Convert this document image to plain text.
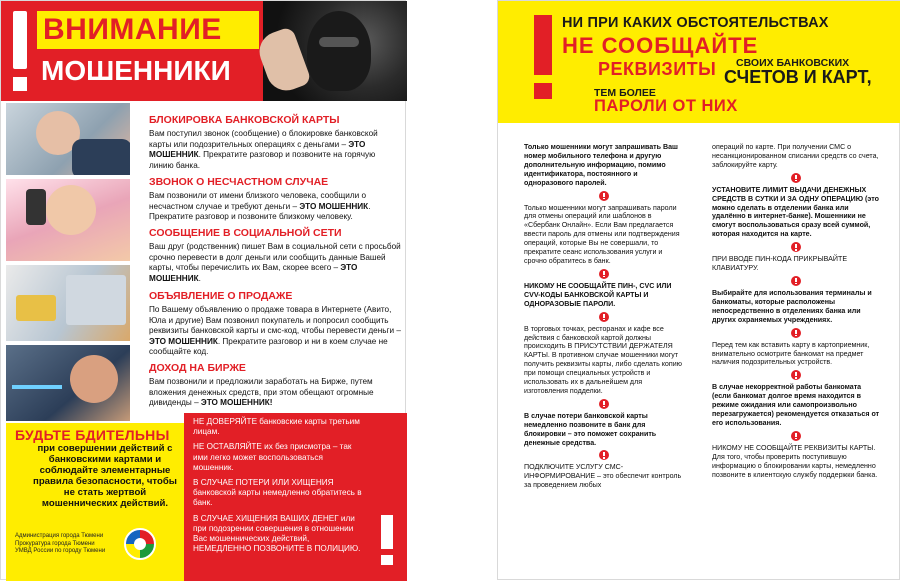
ВНИМАНИЕ
МОШЕННИКИ
БЛОКИРОВКА БАНКОВСКОЙ КАРТЫ
Вам поступил звонок (сообщение) о блокировке банковской карты или подозрительных операциях с деньгами – ЭТО МОШЕННИК. Прекратите разговор и позвоните на горячую линию банка.
ЗВОНОК О НЕСЧАСТНОМ СЛУЧАЕ
Вам позвонили от имени близкого человека, сообщили о несчастном случае и требуют деньги – ЭТО МОШЕННИК. Прекратите разговор и позвоните близкому человеку.
СООБЩЕНИЕ В СОЦИАЛЬНОЙ СЕТИ
Ваш друг (родственник) пишет Вам в социальной сети с просьбой срочно перевести в долг деньги или сообщить данные Вашей карты, чтобы перечислить их Вам, скорее всего – ЭТО МОШЕННИК.
ОБЪЯВЛЕНИЕ О ПРОДАЖЕ
По Вашему объявлению о продаже товара в Интернете (Авито, Юла и другие) Вам позвонил покупатель и попросил сообщить реквизиты банковской карты и смс-код, чтобы перевести деньги – ЭТО МОШЕННИК. Прекратите разговор и ни в коем случае не сообщайте код.
ДОХОД НА БИРЖЕ
Вам позвонили и предложили заработать на Бирже, путем вложения денежных средств, при этом обещают огромные дивиденды – ЭТО МОШЕННИК!
БУДЬТЕ БДИТЕЛЬНЫ
при совершении действий с банковскими картами и соблюдайте элементарные правила безопасности, чтобы не стать жертвой мошеннических действий.
Администрация города Тюмени
Прокуратура города Тюмени
УМВД России по городу Тюмени

НЕ ДОВЕРЯЙТЕ банковские карты третьим лицам.

НЕ ОСТАВЛЯЙТЕ их без присмотра – так ими легко может воспользоваться мошенник.

В СЛУЧАЕ ПОТЕРИ ИЛИ ХИЩЕНИЯ банковской карты немедленно обратитесь в банк.

В СЛУЧАЕ ХИЩЕНИЯ ВАШИХ ДЕНЕГ или при подозрении совершения в отношении Вас мошеннических действий, НЕМЕДЛЕННО ПОЗВОНИТЕ В ПОЛИЦИЮ.

НИ ПРИ КАКИХ ОБСТОЯТЕЛЬСТВАХ
НЕ СООБЩАЙТЕ
РЕКВИЗИТЫ СВОИХ БАНКОВСКИХ
СЧЕТОВ И КАРТ,
ТЕМ БОЛЕЕ
ПАРОЛИ ОТ НИХ
Только мошенники могут запрашивать Ваш номер мобильного телефона и другую дополнительную информацию, помимо идентификатора, постоянного и одноразового паролей.
Только мошенники могут запрашивать пароли для отмены операций или шаблонов в «Сбербанк Онлайн». Если Вам предлагается ввести пароль для отмены или подтверждения операций, которые Вы не совершали, то прекратите сеанс использования услуги и срочно обратитесь в банк.
НИКОМУ НЕ СООБЩАЙТЕ ПИН-, CVC ИЛИ CVV-КОДЫ БАНКОВСКОЙ КАРТЫ И ОДНОРАЗОВЫЕ ПАРОЛИ.
В торговых точках, ресторанах и кафе все действия с банковской картой должны происходить В ПРИСУТСТВИИ ДЕРЖАТЕЛЯ КАРТЫ. В противном случае мошенники могут получить реквизиты карты, либо сделать копию при помощи специальных устройств и использовать их в дальнейшем для изготовления подделки.
В случае потери банковской карты немедленно позвоните в банк для блокировки – это поможет сохранить денежные средства.
ПОДКЛЮЧИТЕ УСЛУГУ СМС-ИНФОРМИРОВАНИЕ – это обеспечит контроль за проведением любых
операций по карте. При получении СМС о несанкционированном списании средств со счета, заблокируйте карту.
УСТАНОВИТЕ ЛИМИТ ВЫДАЧИ ДЕНЕЖНЫХ СРЕДСТВ В СУТКИ И ЗА ОДНУ ОПЕРАЦИЮ (это можно сделать в отделении банка или удалённо в интернет-банке). Мошенники не смогут воспользоваться сразу всей суммой, которая находится на карте.
ПРИ ВВОДЕ ПИН-КОДА ПРИКРЫВАЙТЕ КЛАВИАТУРУ.
Выбирайте для использования терминалы и банкоматы, которые расположены непосредственно в отделениях банка или других охраняемых учреждениях.
Перед тем как вставить карту в картоприемник, внимательно осмотрите банкомат на предмет наличия подозрительных устройств.
В случае некорректной работы банкомата (если банкомат долгое время находится в режиме ожидания или самопроизвольно перезагружается) рекомендуется отказаться от его использования.
НИКОМУ НЕ СООБЩАЙТЕ РЕКВИЗИТЫ КАРТЫ. Для того, чтобы проверить поступившую информацию о блокировании карты, немедленно позвоните в клиентскую службу поддержки банка.
